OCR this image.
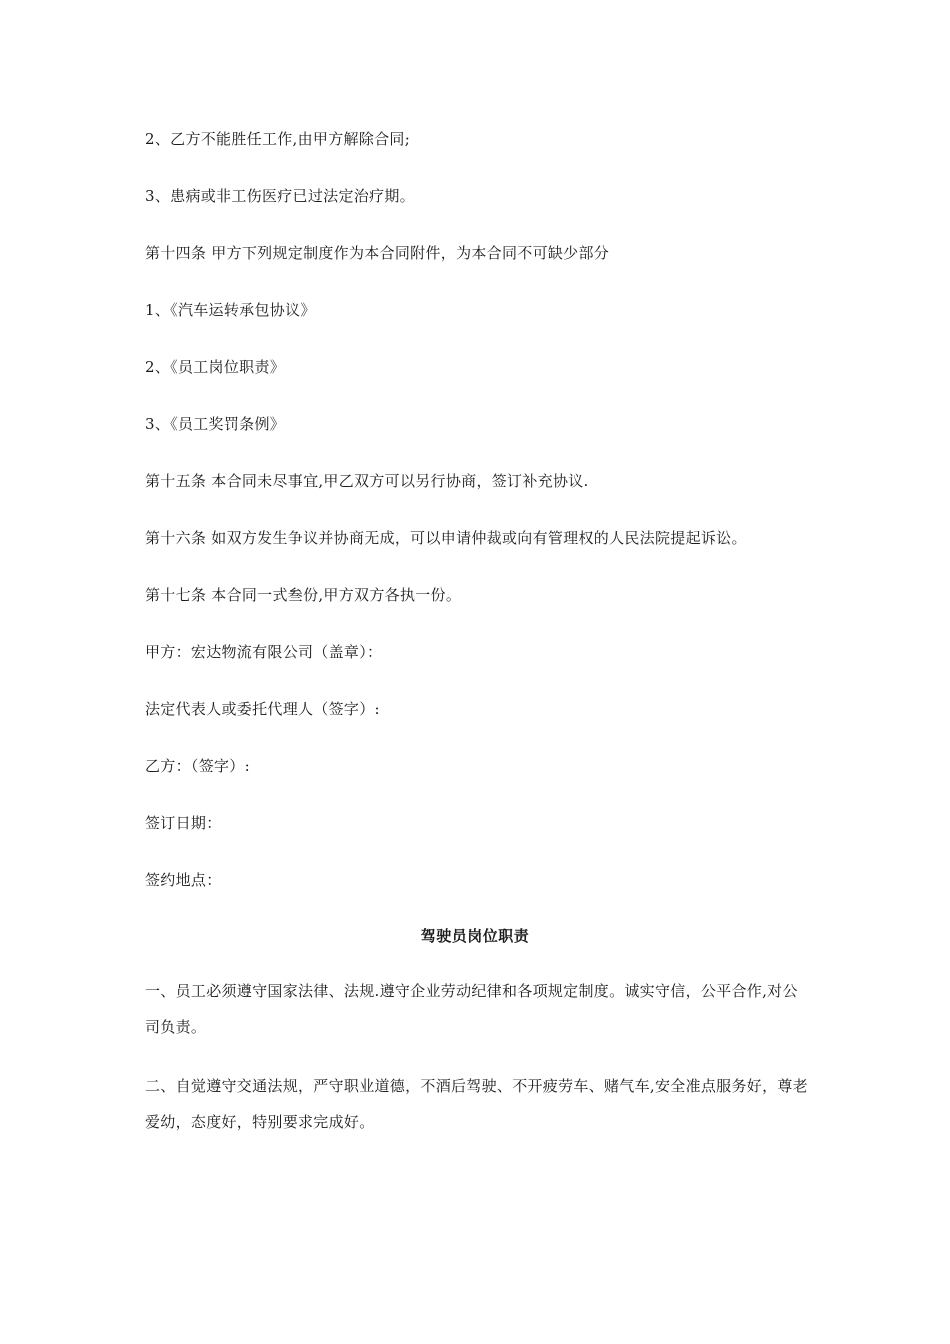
2、乙方不能胜任工作,由甲方解除合同;
3、患病或非工伤医疗已过法定治疗期。
第十四条 甲方下列规定制度作为本合同附件，为本合同不可缺少部分
1、《汽车运转承包协议》
2、《员工岗位职责》
3、《员工奖罚条例》
第十五条 本合同未尽事宜,甲乙双方可以另行协商，签订补充协议.
第十六条 如双方发生争议并协商无成，可以申请仲裁或向有管理权的人民法院提起诉讼。
第十七条 本合同一式叁份,甲方双方各执一份。
甲方：宏达物流有限公司（盖章）：
法定代表人或委托代理人（签字）:
乙方：（签字）:
签订日期：
签约地点：
驾驶员岗位职责
一、员工必须遵守国家法律、法规.遵守企业劳动纪律和各项规定制度。诚实守信，公平合作,对公司负责。
二、自觉遵守交通法规，严守职业道德，不酒后驾驶、不开疲劳车、赌气车,安全准点服务好，尊老爱幼，态度好，特别要求完成好。
